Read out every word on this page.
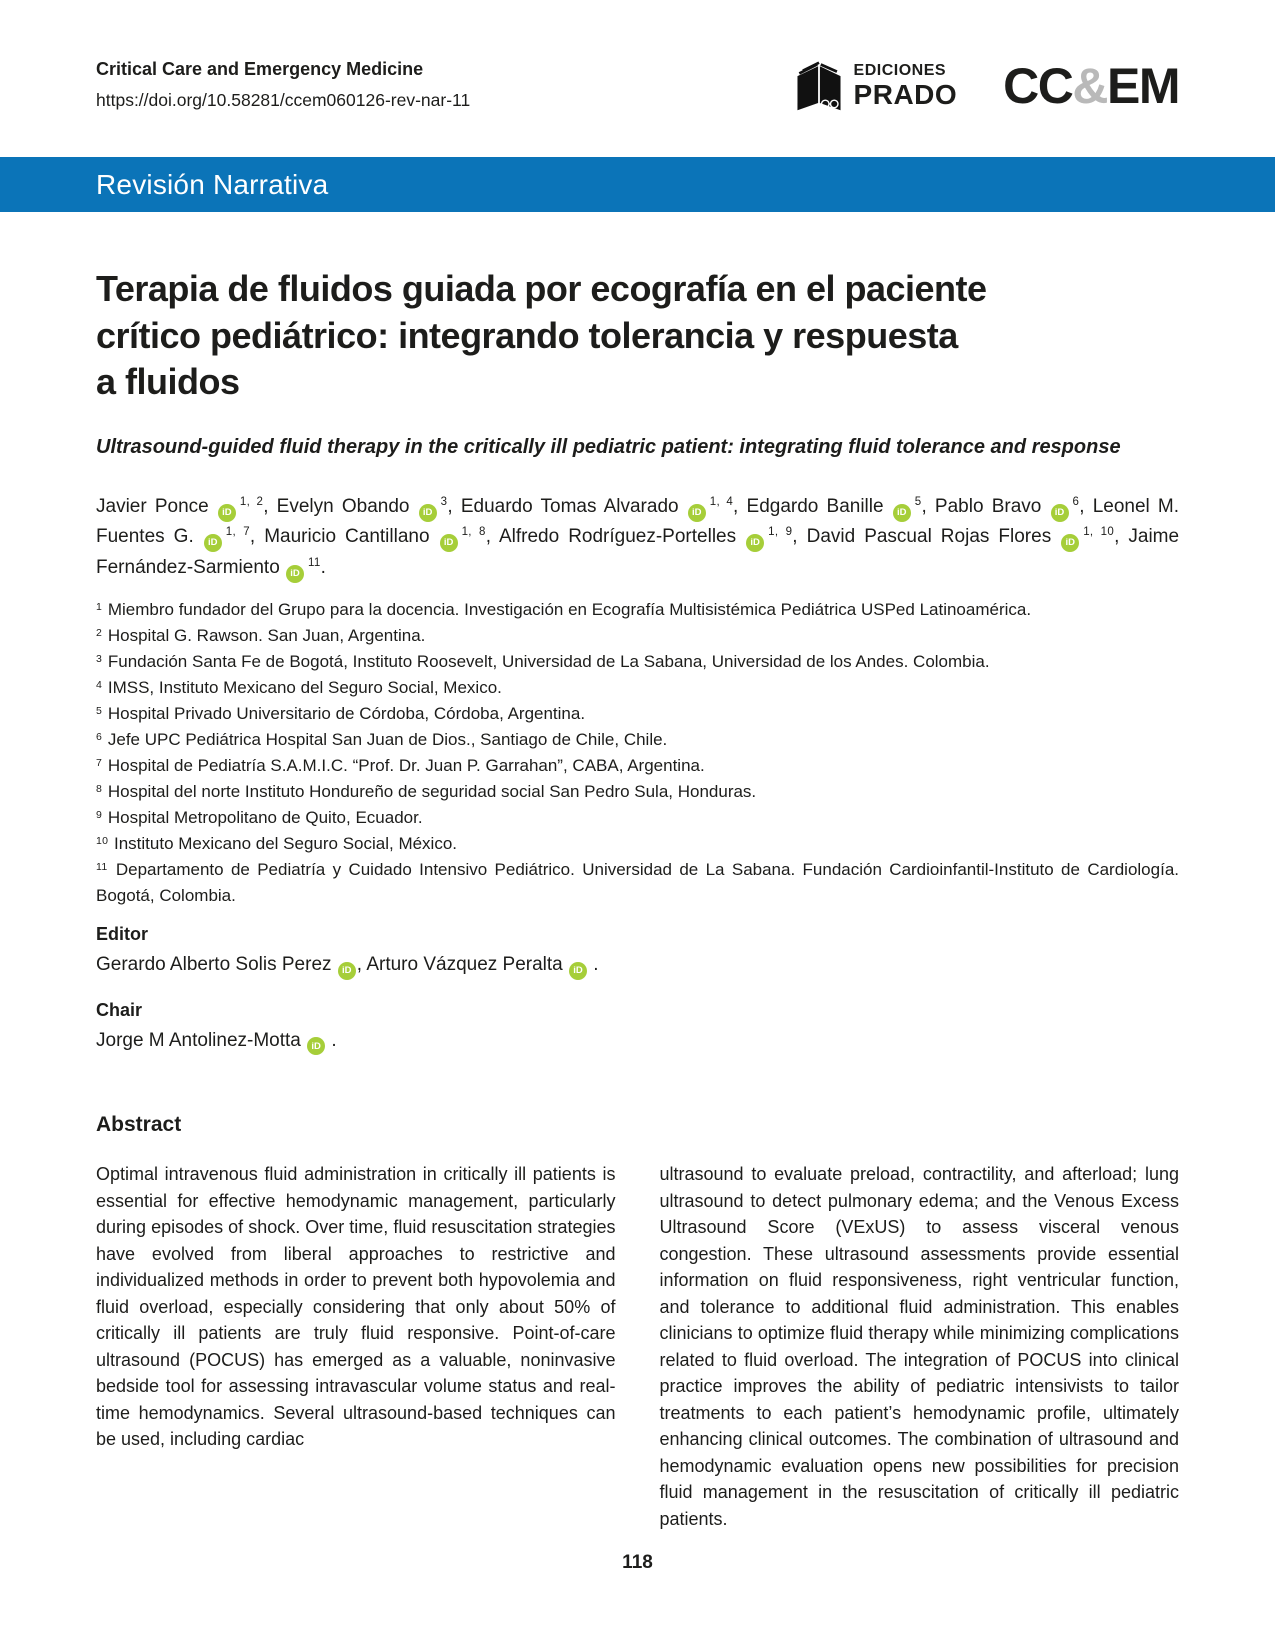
Critical Care and Emergency Medicine
https://doi.org/10.58281/ccem060126-rev-nar-11
EDICIONES
PRADO CC&EM
Revisión Narrativa
Terapia de fluidos guiada por ecografía en el paciente
crítico pediátrico: integrando tolerancia y respuesta
a fluidos
Ultrasound-guided fluid therapy in the critically ill pediatric patient: integrating fluid tolerance and response

Javier Ponce iD$^{1, 2}$, Evelyn Obando $iD^3$, Eduardo Tomas Alvarado iD$^{1, 4}$, Edgardo Banille $iD^5$, Pablo Bravo $iD^6$, Leonel M. Fuentes G. iD$^{1, 7}$, Mauricio Cantillano iD$^{1, 8}$, Alfredo Rodríguez-Portelles iD$^{1, 9}$, David Pascual Rojas Flores iD$^{1, 10}$, Jaime Fernández-Sarmiento $iD^{11}$.

$^1$ Miembro fundador del Grupo para la docencia. Investigación en Ecografía Multisistémica Pediátrica USPed Latinoamérica.

$^2$ Hospital G. Rawson. San Juan, Argentina.

$^3$ Fundación Santa Fe de Bogotá, Instituto Roosevelt, Universidad de La Sabana, Universidad de los Andes. Colombia.

$^4$ IMSS, Instituto Mexicano del Seguro Social, Mexico.

$^5$ Hospital Privado Universitario de Córdoba, Córdoba, Argentina.

$^6$ Jefe UPC Pediátrica Hospital San Juan de Dios., Santiago de Chile, Chile.

$^7$ Hospital de Pediatría S.A.M.I.C. “Prof. Dr. Juan P. Garrahan”, CABA, Argentina.

$^8$ Hospital del norte Instituto Hondureño de seguridad social San Pedro Sula, Honduras.

$^9$ Hospital Metropolitano de Quito, Ecuador.

$^{10}$ Instituto Mexicano del Seguro Social, México.

$^{11}$ Departamento de Pediatría y Cuidado Intensivo Pediátrico. Universidad de La Sabana. Fundación Cardioinfantil-Instituto de Cardiología. Bogotá, Colombia.

Editor

Gerardo Alberto Solis Perez iD , Arturo Vázquez Peralta iD .

Chair

Jorge M Antolinez-Motta iD .

Abstract
Optimal intravenous fluid administration in critically ill patients is essential for effective hemodynamic management, particularly during episodes of shock. Over time, fluid resuscitation strategies have evolved from liberal approaches to restrictive and individualized methods in order to prevent both hypovolemia and fluid overload, especially considering that only about 50% of critically ill patients are truly fluid responsive. Point-of-care ultrasound (POCUS) has emerged as a valuable, noninvasive bedside tool for assessing intravascular volume status and real-time hemodynamics. Several ultrasound-based techniques can be used, including cardiac
ultrasound to evaluate preload, contractility, and afterload; lung ultrasound to detect pulmonary edema; and the Venous Excess Ultrasound Score (VExUS) to assess visceral venous congestion. These ultrasound assessments provide essential information on fluid responsiveness, right ventricular function, and tolerance to additional fluid administration. This enables clinicians to optimize fluid therapy while minimizing complications related to fluid overload. The integration of POCUS into clinical practice improves the ability of pediatric intensivists to tailor treatments to each patient’s hemodynamic profile, ultimately enhancing clinical outcomes. The combination of ultrasound and hemodynamic evaluation opens new possibilities for precision fluid management in the resuscitation of critically ill pediatric patients.
118
